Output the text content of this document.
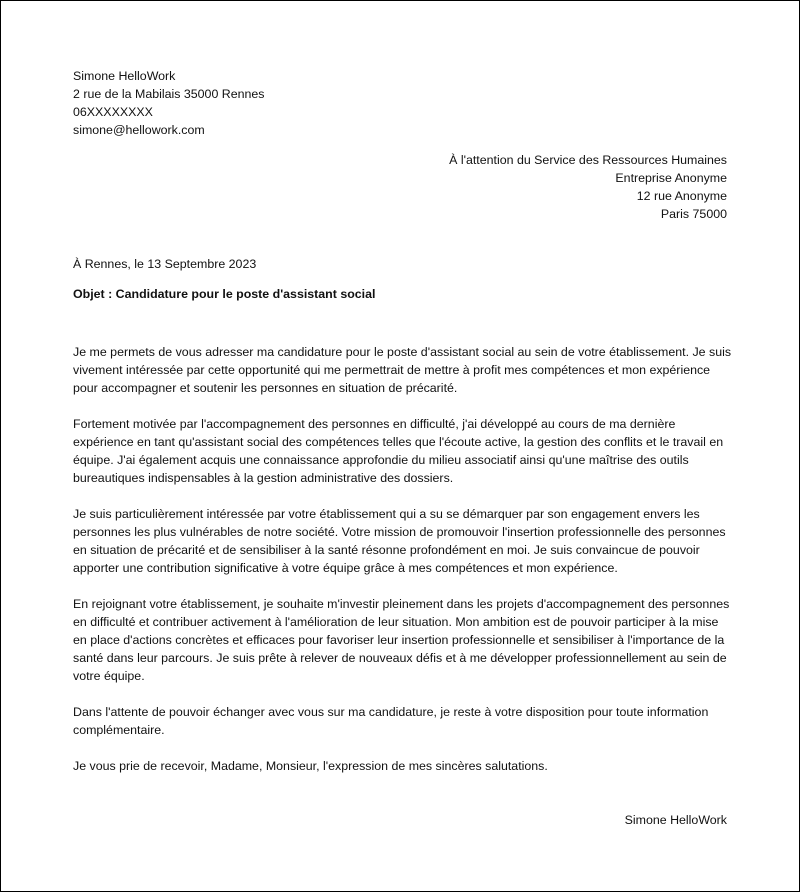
Simone HelloWork
2 rue de la Mabilais 35000 Rennes
06XXXXXXXX
simone@hellowork.com
À l'attention du Service des Ressources Humaines
Entreprise Anonyme
12 rue Anonyme
Paris 75000
À Rennes, le 13 Septembre 2023
Objet : Candidature pour le poste d'assistant social

Je me permets de vous adresser ma candidature pour le poste d'assistant social au sein de votre établissement. Je suis vivement intéressée par cette opportunité qui me permettrait de mettre à profit mes compétences et mon expérience pour accompagner et soutenir les personnes en situation de précarité.

Fortement motivée par l'accompagnement des personnes en difficulté, j'ai développé au cours de ma dernière expérience en tant qu'assistant social des compétences telles que l'écoute active, la gestion des conflits et le travail en équipe. J'ai également acquis une connaissance approfondie du milieu associatif ainsi qu'une maîtrise des outils bureautiques indispensables à la gestion administrative des dossiers.

Je suis particulièrement intéressée par votre établissement qui a su se démarquer par son engagement envers les personnes les plus vulnérables de notre société. Votre mission de promouvoir l'insertion professionnelle des personnes en situation de précarité et de sensibiliser à la santé résonne profondément en moi. Je suis convaincue de pouvoir apporter une contribution significative à votre équipe grâce à mes compétences et mon expérience.

En rejoignant votre établissement, je souhaite m'investir pleinement dans les projets d'accompagnement des personnes en difficulté et contribuer activement à l'amélioration de leur situation. Mon ambition est de pouvoir participer à la mise en place d'actions concrètes et efficaces pour favoriser leur insertion professionnelle et sensibiliser à l'importance de la santé dans leur parcours. Je suis prête à relever de nouveaux défis et à me développer professionnellement au sein de votre équipe.

Dans l'attente de pouvoir échanger avec vous sur ma candidature, je reste à votre disposition pour toute information complémentaire.

Je vous prie de recevoir, Madame, Monsieur, l'expression de mes sincères salutations.

Simone HelloWork
